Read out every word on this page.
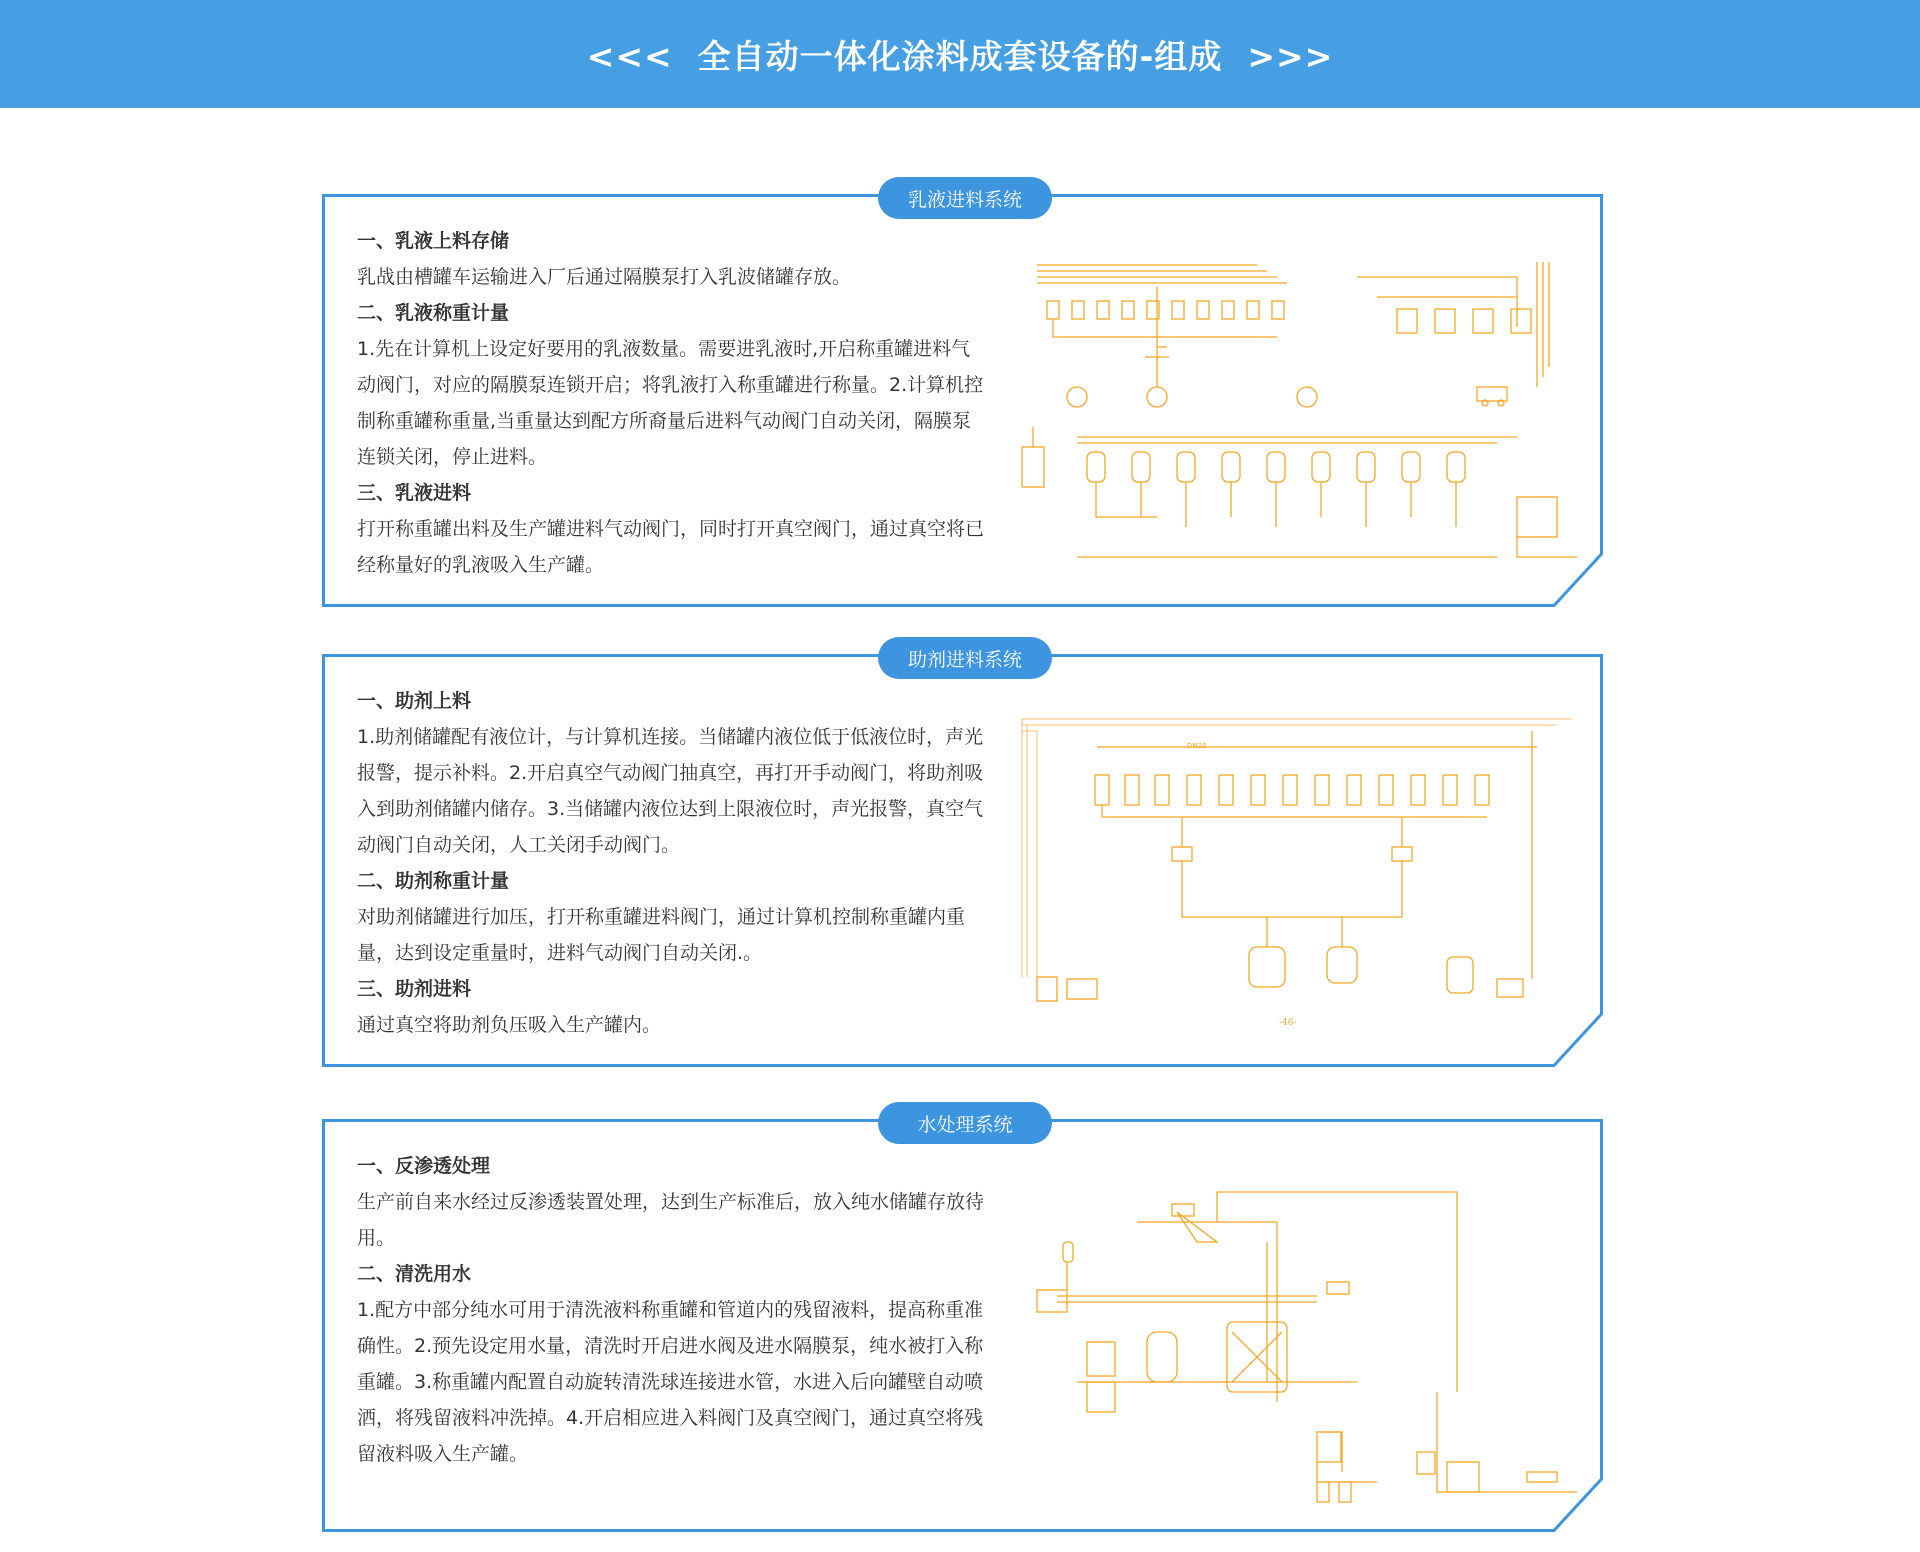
<<<  全自动一体化涂料成套设备的-组成  >>>
乳液进料系统

一、乳液上料存储

乳战由槽罐车运输进入厂后通过隔膜泵打入乳波储罐存放。

二、乳液称重计量

1.先在计算机上设定好要用的乳液数量。需要进乳液时,开启称重罐进料气动阀门，对应的隔膜泵连锁开启；将乳液打入称重罐进行称量。2.计算机控制称重罐称重量,当重量达到配方所裔量后进料气动阀门自动关闭，隔膜泵连锁关闭，停止进料。

三、乳液进料

打开称重罐出料及生产罐进料气动阀门，同时打开真空阀门，通过真空将已经称量好的乳液吸入生产罐。

助剂进料系统

一、助剂上料

1.助剂储罐配有液位计，与计算机连接。当储罐内液位低于低液位时，声光报警，提示补料。2.开启真空气动阀门抽真空，再打开手动阀门，将助剂吸入到助剂储罐内储存。3.当储罐内液位达到上限液位时，声光报警，真空气动阀门自动关闭，人工关闭手动阀门。

二、助剂称重计量

对助剂储罐进行加压，打开称重罐进料阀门，通过计算机控制称重罐内重量，达到设定重量时，进料气动阀门自动关闭.。

三、助剂进料

通过真空将助剂负压吸入生产罐内。

DN25
-46-
水处理系统

一、反渗透处理

生产前自来水经过反渗透装置处理，达到生产标准后，放入纯水储罐存放待用。

二、清洗用水

1.配方中部分纯水可用于清洗液料称重罐和管道内的残留液料，提高称重准确性。2.预先设定用水量，清洗时开启进水阀及进水隔膜泵，纯水被打入称重罐。3.称重罐内配置自动旋转清洗球连接进水管，水进入后向罐壁自动喷洒，将残留液料冲洗掉。4.开启相应进入料阀门及真空阀门，通过真空将残留液料吸入生产罐。
